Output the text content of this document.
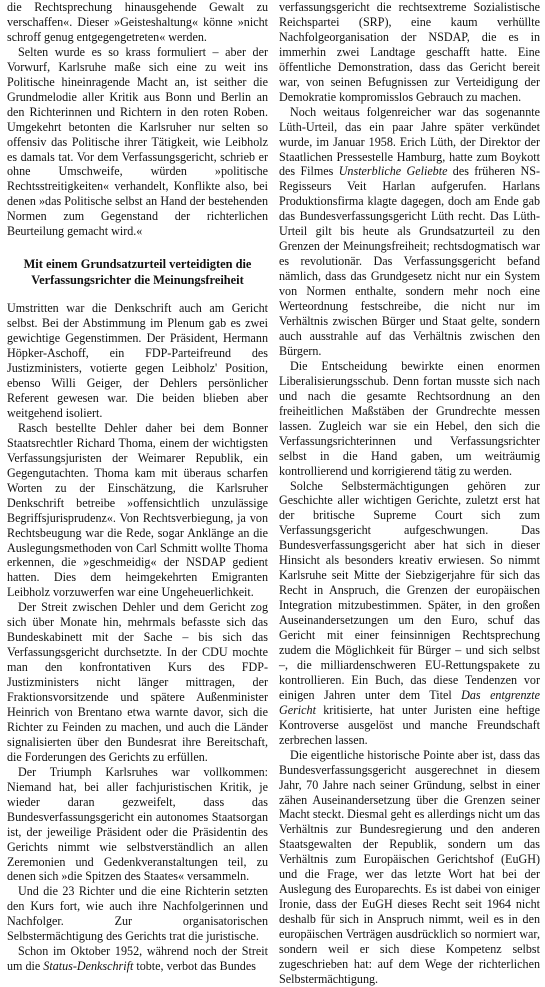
die Rechtsprechung hinausgehende Gewalt zu verschaffen«. Dieser »Geisteshaltung« könne »nicht schroff genug entgegengetreten« werden.

Selten wurde es so krass formuliert – aber der Vorwurf, Karlsruhe maße sich eine zu weit ins Politische hineinragende Macht an, ist seither die Grundmelodie aller Kritik aus Bonn und Berlin an den Richterinnen und Richtern in den roten Roben. Umgekehrt betonten die Karlsruher nur selten so offensiv das Politische ihrer Tätigkeit, wie Leibholz es damals tat. Vor dem Verfassungsgericht, schrieb er ohne Umschweife, würden »politische Rechtsstreitigkeiten« verhandelt, Konflikte also, bei denen »das Politische selbst an Hand der bestehenden Normen zum Gegenstand der richterlichen Beurteilung gemacht wird.«

Mit einem Grundsatzurteil verteidigten die Verfassungsrichter die Meinungsfreiheit

Umstritten war die Denkschrift auch am Gericht selbst. Bei der Abstimmung im Plenum gab es zwei gewichtige Gegenstimmen. Der Präsident, Hermann Höpker-Aschoff, ein FDP-Parteifreund des Justizministers, votierte gegen Leibholz' Position, ebenso Willi Geiger, der Dehlers persönlicher Referent gewesen war. Die beiden blieben aber weitgehend isoliert.

Rasch bestellte Dehler daher bei dem Bonner Staatsrechtler Richard Thoma, einem der wichtigsten Verfassungsjuristen der Weimarer Republik, ein Gegengutachten. Thoma kam mit überaus scharfen Worten zu der Einschätzung, die Karlsruher Denkschrift betreibe »offensichtlich unzulässige Begriffsjurisprudenz«. Von Rechtsverbiegung, ja von Rechtsbeugung war die Rede, sogar Anklänge an die Auslegungsmethoden von Carl Schmitt wollte Thoma erkennen, die »geschmeidig« der NSDAP gedient hatten. Dies dem heimgekehrten Emigranten Leibholz vorzuwerfen war eine Ungeheuerlichkeit.

Der Streit zwischen Dehler und dem Gericht zog sich über Monate hin, mehrmals befasste sich das Bundeskabinett mit der Sache – bis sich das Verfassungsgericht durchsetzte. In der CDU mochte man den konfrontativen Kurs des FDP-Justizministers nicht länger mittragen, der Fraktionsvorsitzende und spätere Außenminister Heinrich von Brentano etwa warnte davor, sich die Richter zu Feinden zu machen, und auch die Länder signalisierten über den Bundesrat ihre Bereitschaft, die Forderungen des Gerichts zu erfüllen.

Der Triumph Karlsruhes war vollkommen: Niemand hat, bei aller fachjuristischen Kritik, je wieder daran gezweifelt, dass das Bundesverfassungsgericht ein autonomes Staatsorgan ist, der jeweilige Präsident oder die Präsidentin des Gerichts nimmt wie selbstverständlich an allen Zeremonien und Gedenkveranstaltungen teil, zu denen sich »die Spitzen des Staates« versammeln.

Und die 23 Richter und die eine Richterin setzten den Kurs fort, wie auch ihre Nachfolgerinnen und Nachfolger. Zur organisatorischen Selbstermächtigung des Gerichts trat die juristische.

Schon im Oktober 1952, während noch der Streit um die Status-Denkschrift tobte, verbot das Bundes

verfassungsgericht die rechtsextreme Sozialistische Reichspartei (SRP), eine kaum verhüllte Nachfolgeorganisation der NSDAP, die es in immerhin zwei Landtage geschafft hatte. Eine öffentliche Demonstration, dass das Gericht bereit war, von seinen Befugnissen zur Verteidigung der Demokratie kompromisslos Gebrauch zu machen.

Noch weitaus folgenreicher war das sogenannte Lüth-Urteil, das ein paar Jahre später verkündet wurde, im Januar 1958. Erich Lüth, der Direktor der Staatlichen Pressestelle Hamburg, hatte zum Boykott des Filmes Unsterbliche Geliebte des früheren NS-Regisseurs Veit Harlan aufgerufen. Harlans Produktionsfirma klagte dagegen, doch am Ende gab das Bundesverfassungsgericht Lüth recht. Das Lüth-Urteil gilt bis heute als Grundsatzurteil zu den Grenzen der Meinungsfreiheit; rechtsdogmatisch war es revolutionär. Das Verfassungsgericht befand nämlich, dass das Grundgesetz nicht nur ein System von Normen enthalte, sondern mehr noch eine Werteordnung festschreibe, die nicht nur im Verhältnis zwischen Bürger und Staat gelte, sondern auch ausstrahle auf das Verhältnis zwischen den Bürgern.

Die Entscheidung bewirkte einen enormen Liberalisierungsschub. Denn fortan musste sich nach und nach die gesamte Rechtsordnung an den freiheitlichen Maßstäben der Grundrechte messen lassen. Zugleich war sie ein Hebel, den sich die Verfassungsrichterinnen und Verfassungsrichter selbst in die Hand gaben, um weiträumig kontrollierend und korrigierend tätig zu werden.

Solche Selbstermächtigungen gehören zur Geschichte aller wichtigen Gerichte, zuletzt erst hat der britische Supreme Court sich zum Verfassungsgericht aufgeschwungen. Das Bundesverfassungsgericht aber hat sich in dieser Hinsicht als besonders kreativ erwiesen. So nimmt Karlsruhe seit Mitte der Siebzigerjahre für sich das Recht in Anspruch, die Grenzen der europäischen Integration mitzubestimmen. Später, in den großen Auseinandersetzungen um den Euro, schuf das Gericht mit einer feinsinnigen Rechtsprechung zudem die Möglichkeit für Bürger – und sich selbst –, die milliardenschweren EU-Rettungspakete zu kontrollieren. Ein Buch, das diese Tendenzen vor einigen Jahren unter dem Titel Das entgrenzte Gericht kritisierte, hat unter Juristen eine heftige Kontroverse ausgelöst und manche Freundschaft zerbrechen lassen.

Die eigentliche historische Pointe aber ist, dass das Bundesverfassungsgericht ausgerechnet in diesem Jahr, 70 Jahre nach seiner Gründung, selbst in einer zähen Auseinandersetzung über die Grenzen seiner Macht steckt. Diesmal geht es allerdings nicht um das Verhältnis zur Bundesregierung und den anderen Staatsgewalten der Republik, sondern um das Verhältnis zum Europäischen Gerichtshof (EuGH) und die Frage, wer das letzte Wort hat bei der Auslegung des Europarechts. Es ist dabei von einiger Ironie, dass der EuGH dieses Recht seit 1964 nicht deshalb für sich in Anspruch nimmt, weil es in den europäischen Verträgen ausdrücklich so normiert war, sondern weil er sich diese Kompetenz selbst zugeschrieben hat: auf dem Wege der richterlichen Selbstermächtigung.
